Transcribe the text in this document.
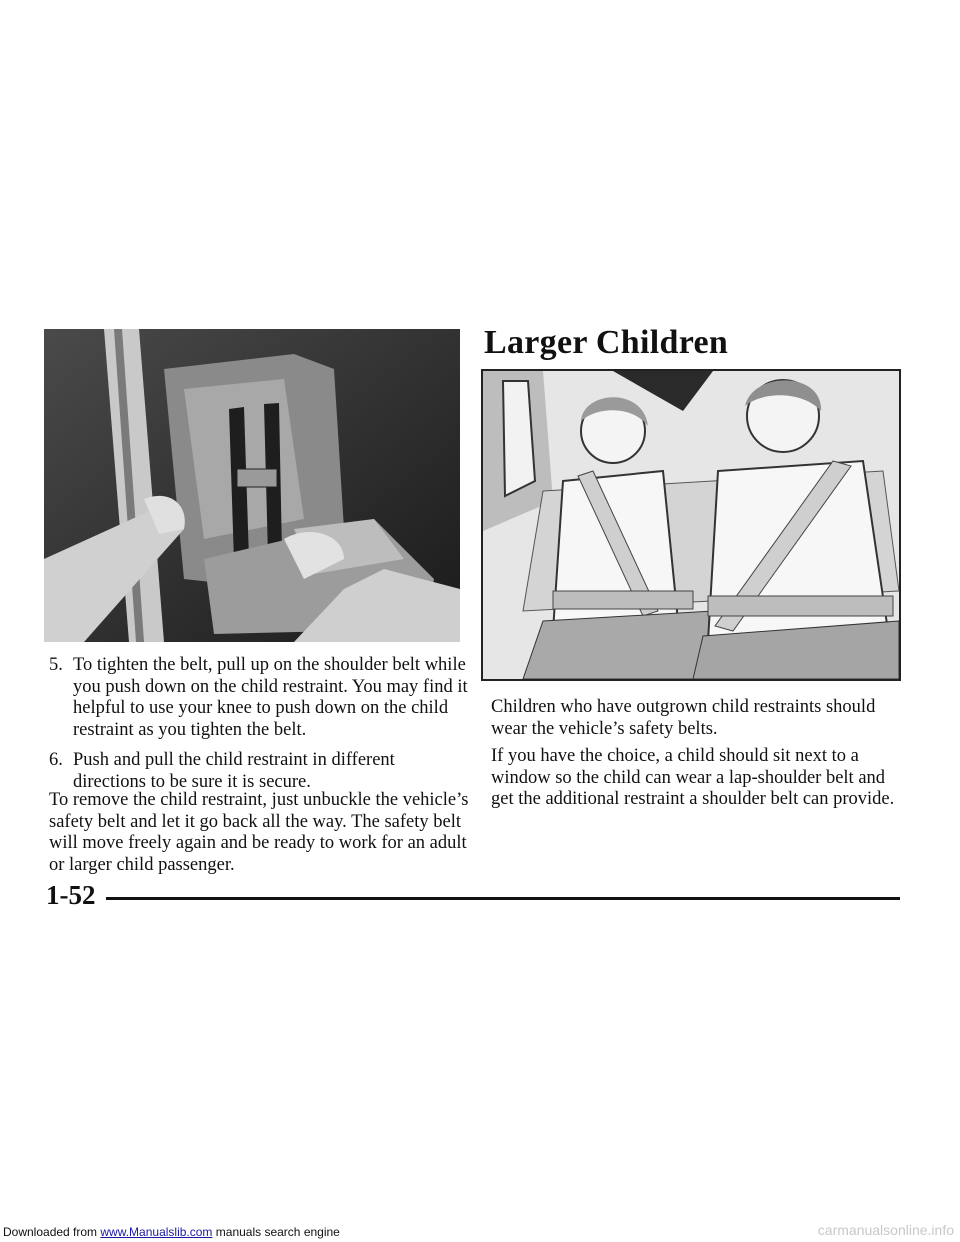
Larger Children
5. To tighten the belt, pull up on the shoulder belt while you push down on the child restraint. You may find it helpful to use your knee to push down on the child restraint as you tighten the belt.
6. Push and pull the child restraint in different directions to be sure it is secure.
To remove the child restraint, just unbuckle the vehicle’s safety belt and let it go back all the way. The safety belt will move freely again and be ready to work for an adult or larger child passenger.
Children who have outgrown child restraints should wear the vehicle’s safety belts.
If you have the choice, a child should sit next to a window so the child can wear a lap-shoulder belt and get the additional restraint a shoulder belt can provide.
1-52
Downloaded from www.Manualslib.com manuals search engine	carmanualsonline.info
